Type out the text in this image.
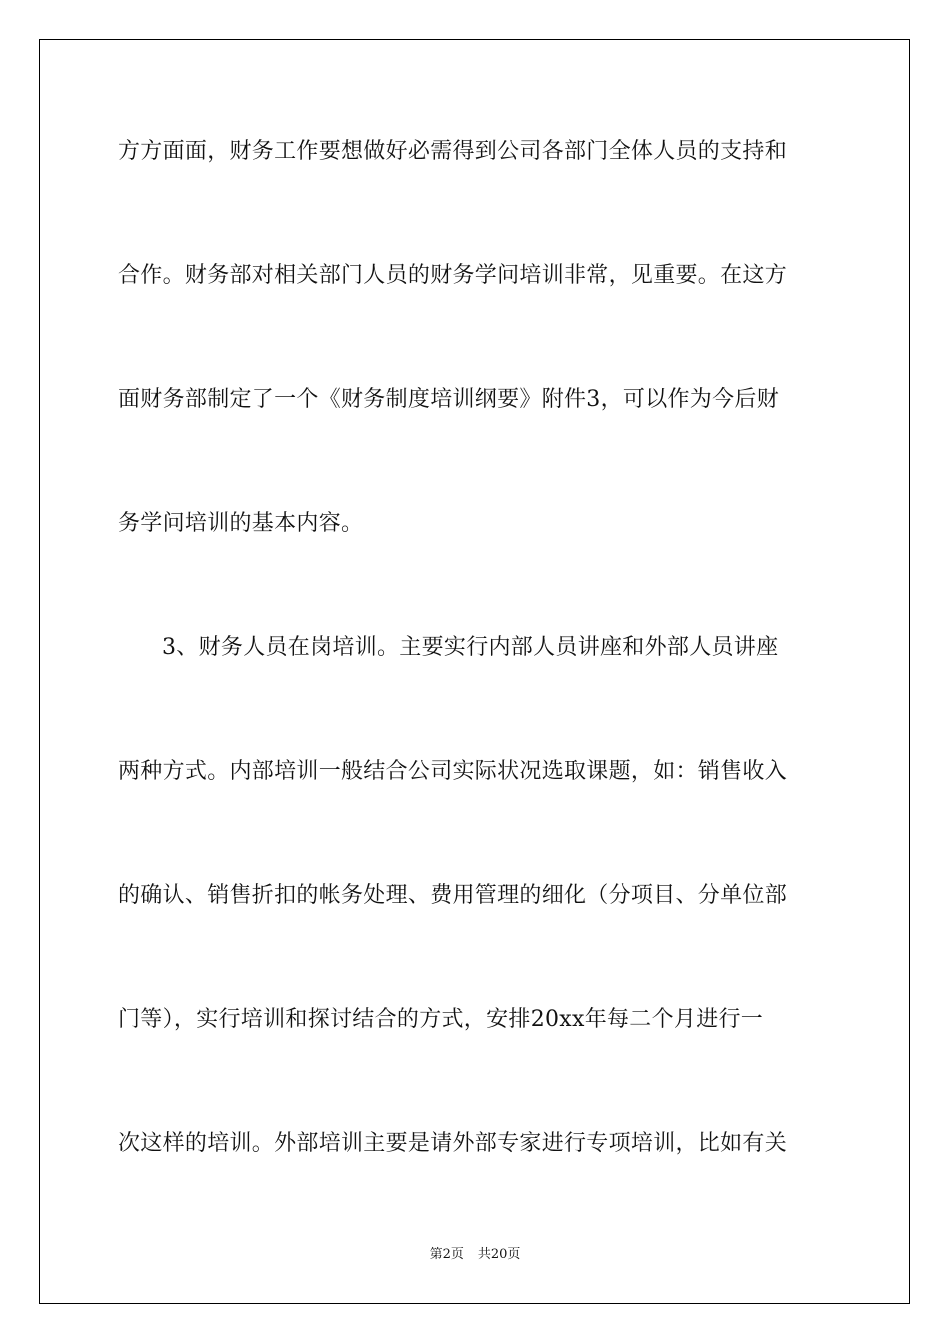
方方面面，财务工作要想做好必需得到公司各部门全体人员的支持和
合作。财务部对相关部门人员的财务学问培训非常，见重要。在这方
面财务部制定了一个《财务制度培训纲要》附件3，可以作为今后财
务学问培训的基本内容。
3、财务人员在岗培训。主要实行内部人员讲座和外部人员讲座
两种方式。内部培训一般结合公司实际状况选取课题，如：销售收入
的确认、销售折扣的帐务处理、费用管理的细化（分项目、分单位部
门等），实行培训和探讨结合的方式，安排20xx年每二个月进行一
次这样的培训。外部培训主要是请外部专家进行专项培训，比如有关
第2页 共20页
